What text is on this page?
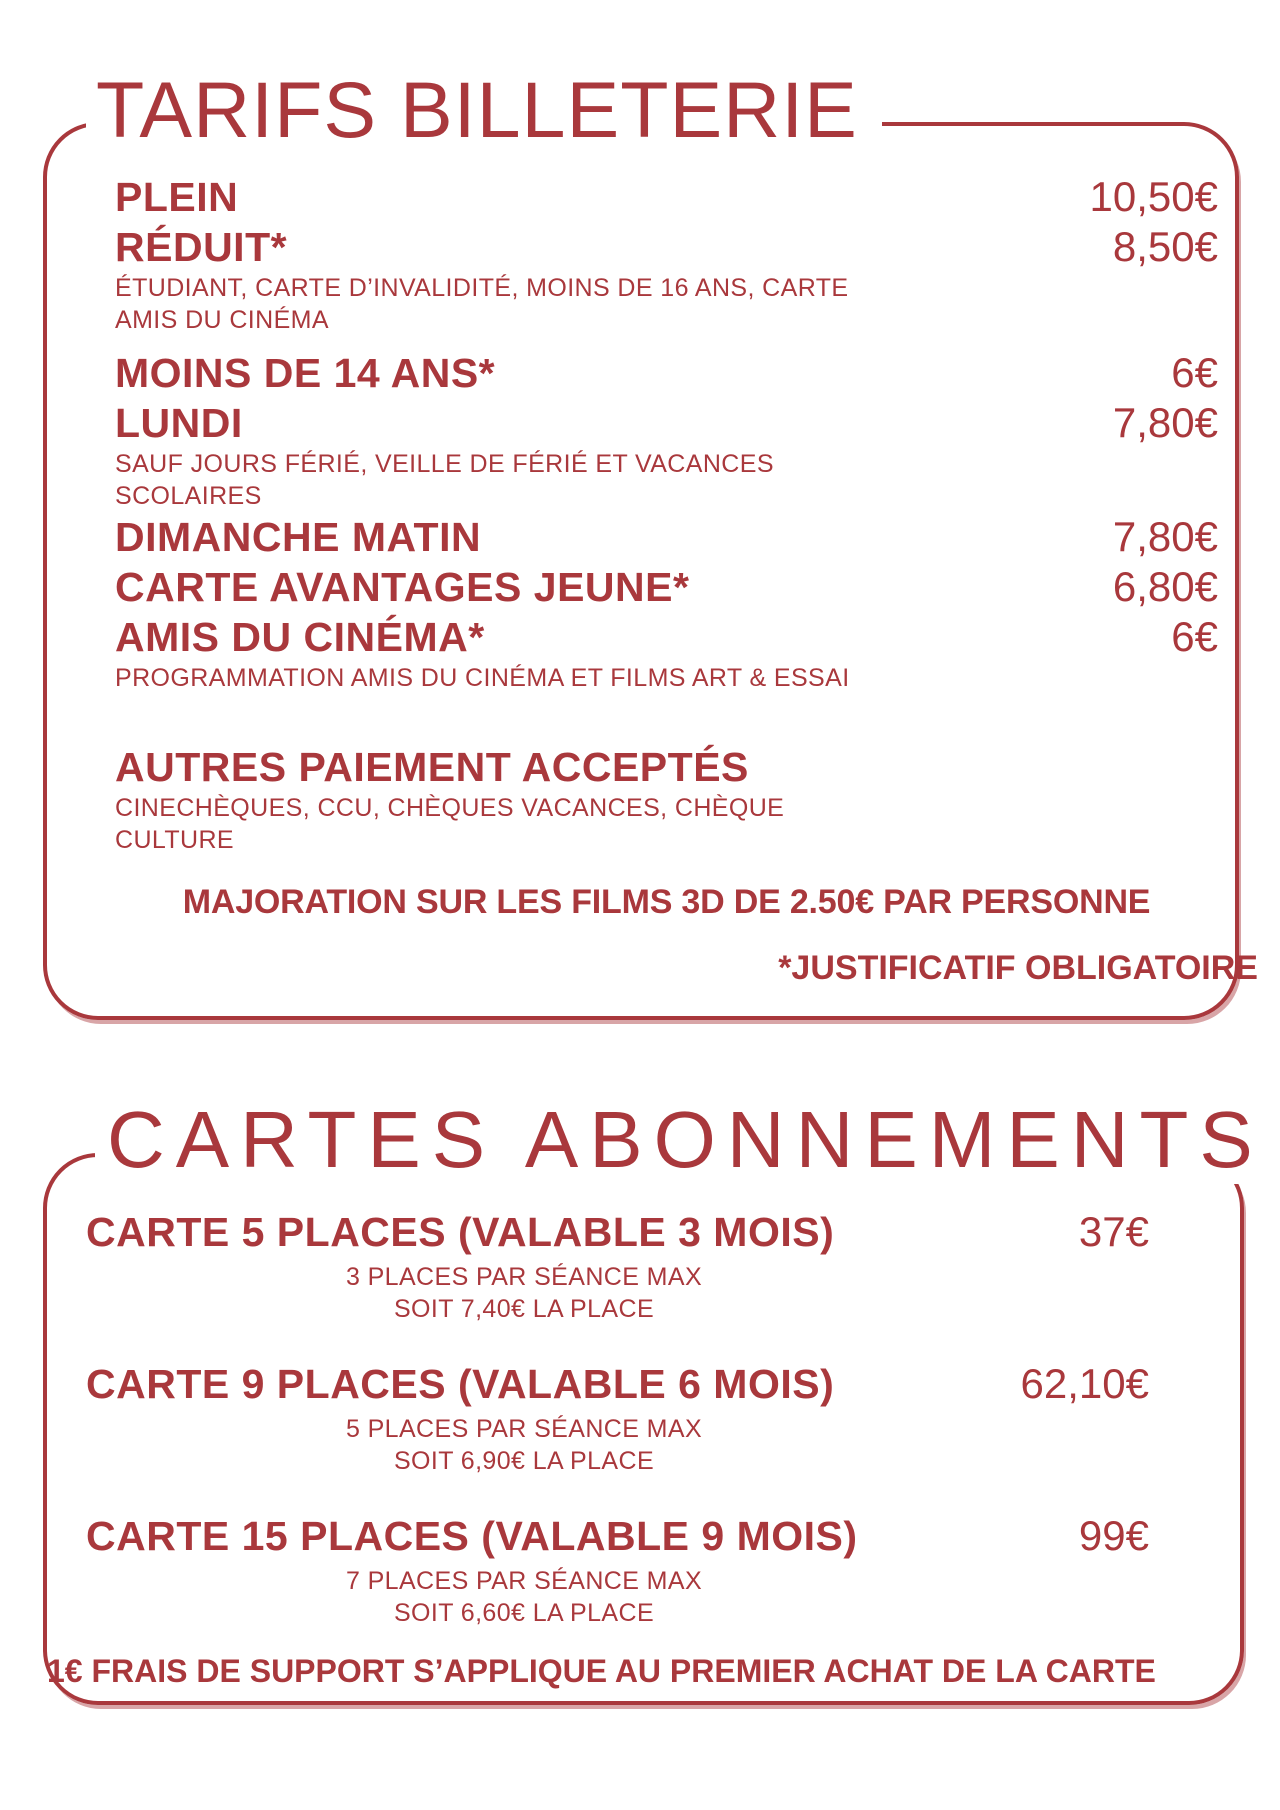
TARIFS BILLETERIE
PLEIN	10,50€
RÉDUIT*	8,50€
ÉTUDIANT, CARTE D’INVALIDITÉ, MOINS DE 16 ANS, CARTE
AMIS DU CINÉMA
MOINS DE 14 ANS*	6€
LUNDI	7,80€
SAUF JOURS FÉRIÉ, VEILLE DE FÉRIÉ ET VACANCES
SCOLAIRES
DIMANCHE MATIN	7,80€
CARTE AVANTAGES JEUNE*	6,80€
AMIS DU CINÉMA*	6€
PROGRAMMATION AMIS DU CINÉMA ET FILMS ART & ESSAI
AUTRES PAIEMENT ACCEPTÉS
CINECHÈQUES, CCU, CHÈQUES VACANCES, CHÈQUE
CULTURE
MAJORATION SUR LES FILMS 3D DE 2.50€ PAR PERSONNE
*JUSTIFICATIF OBLIGATOIRE
CARTES ABONNEMENTS
CARTE 5 PLACES (VALABLE 3 MOIS)	37€
3 PLACES PAR SÉANCE MAX
SOIT 7,40€ LA PLACE
CARTE 9 PLACES (VALABLE 6 MOIS)	62,10€
5 PLACES PAR SÉANCE MAX
SOIT 6,90€ LA PLACE
CARTE 15 PLACES (VALABLE 9 MOIS)	99€
7 PLACES PAR SÉANCE MAX
SOIT 6,60€ LA PLACE
1€ FRAIS DE SUPPORT S’APPLIQUE AU PREMIER ACHAT DE LA CARTE
